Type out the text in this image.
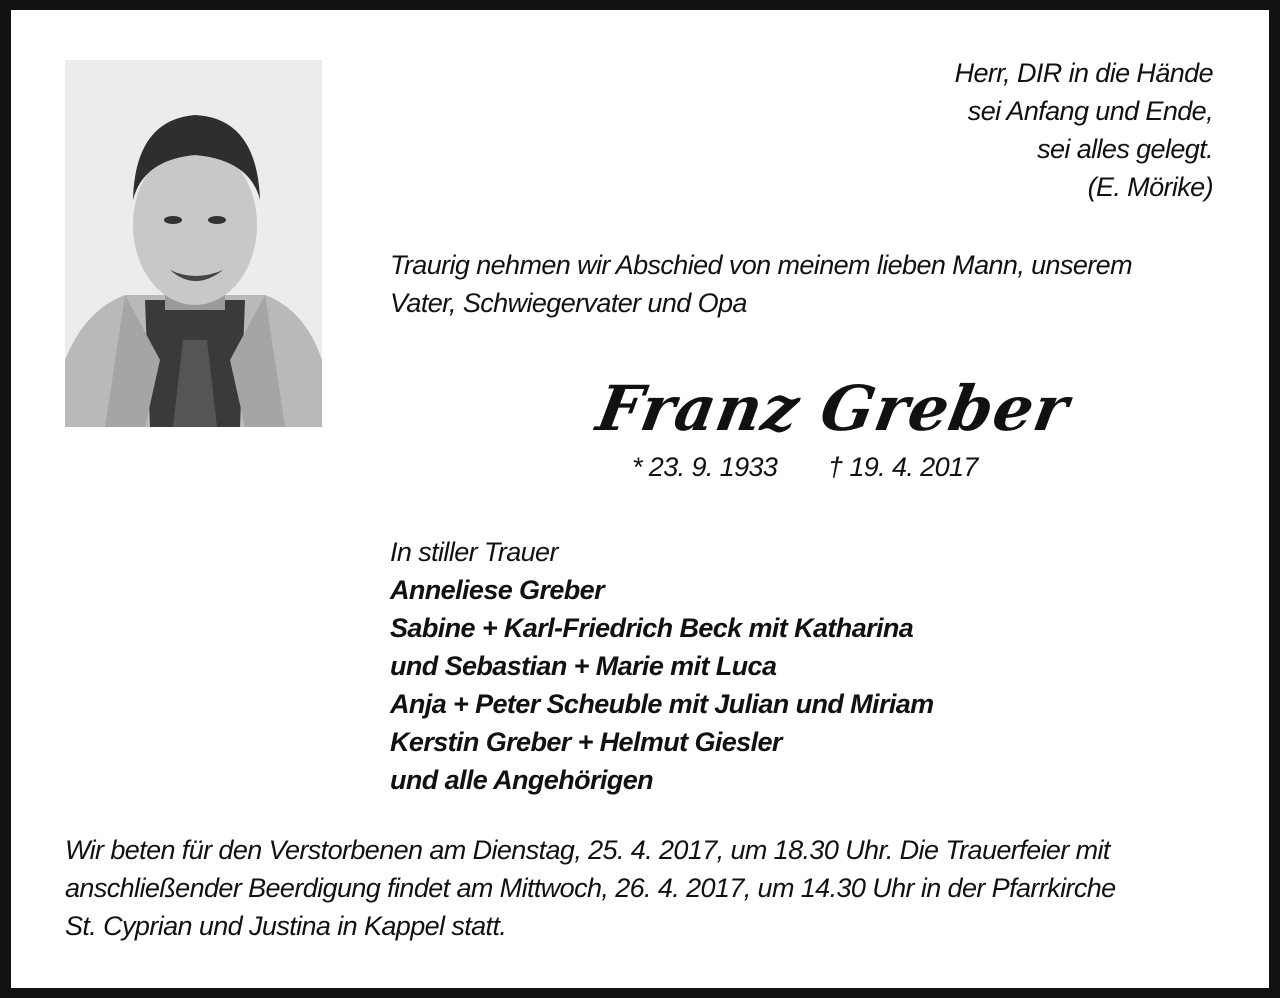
Herr, DIR in die Hände
sei Anfang und Ende,
sei alles gelegt.
(E. Mörike)
Traurig nehmen wir Abschied von meinem lieben Mann, unserem
Vater, Schwiegervater und Opa
Franz Greber
* 23. 9. 1933 † 19. 4. 2017
In stiller Trauer
Anneliese Greber
Sabine + Karl-Friedrich Beck mit Katharina
und Sebastian + Marie mit Luca
Anja + Peter Scheuble mit Julian und Miriam
Kerstin Greber + Helmut Giesler
und alle Angehörigen
Wir beten für den Verstorbenen am Dienstag, 25. 4. 2017, um 18.30 Uhr. Die Trauerfeier mit
anschließender Beerdigung findet am Mittwoch, 26. 4. 2017, um 14.30 Uhr in der Pfarrkirche
St. Cyprian und Justina in Kappel statt.
